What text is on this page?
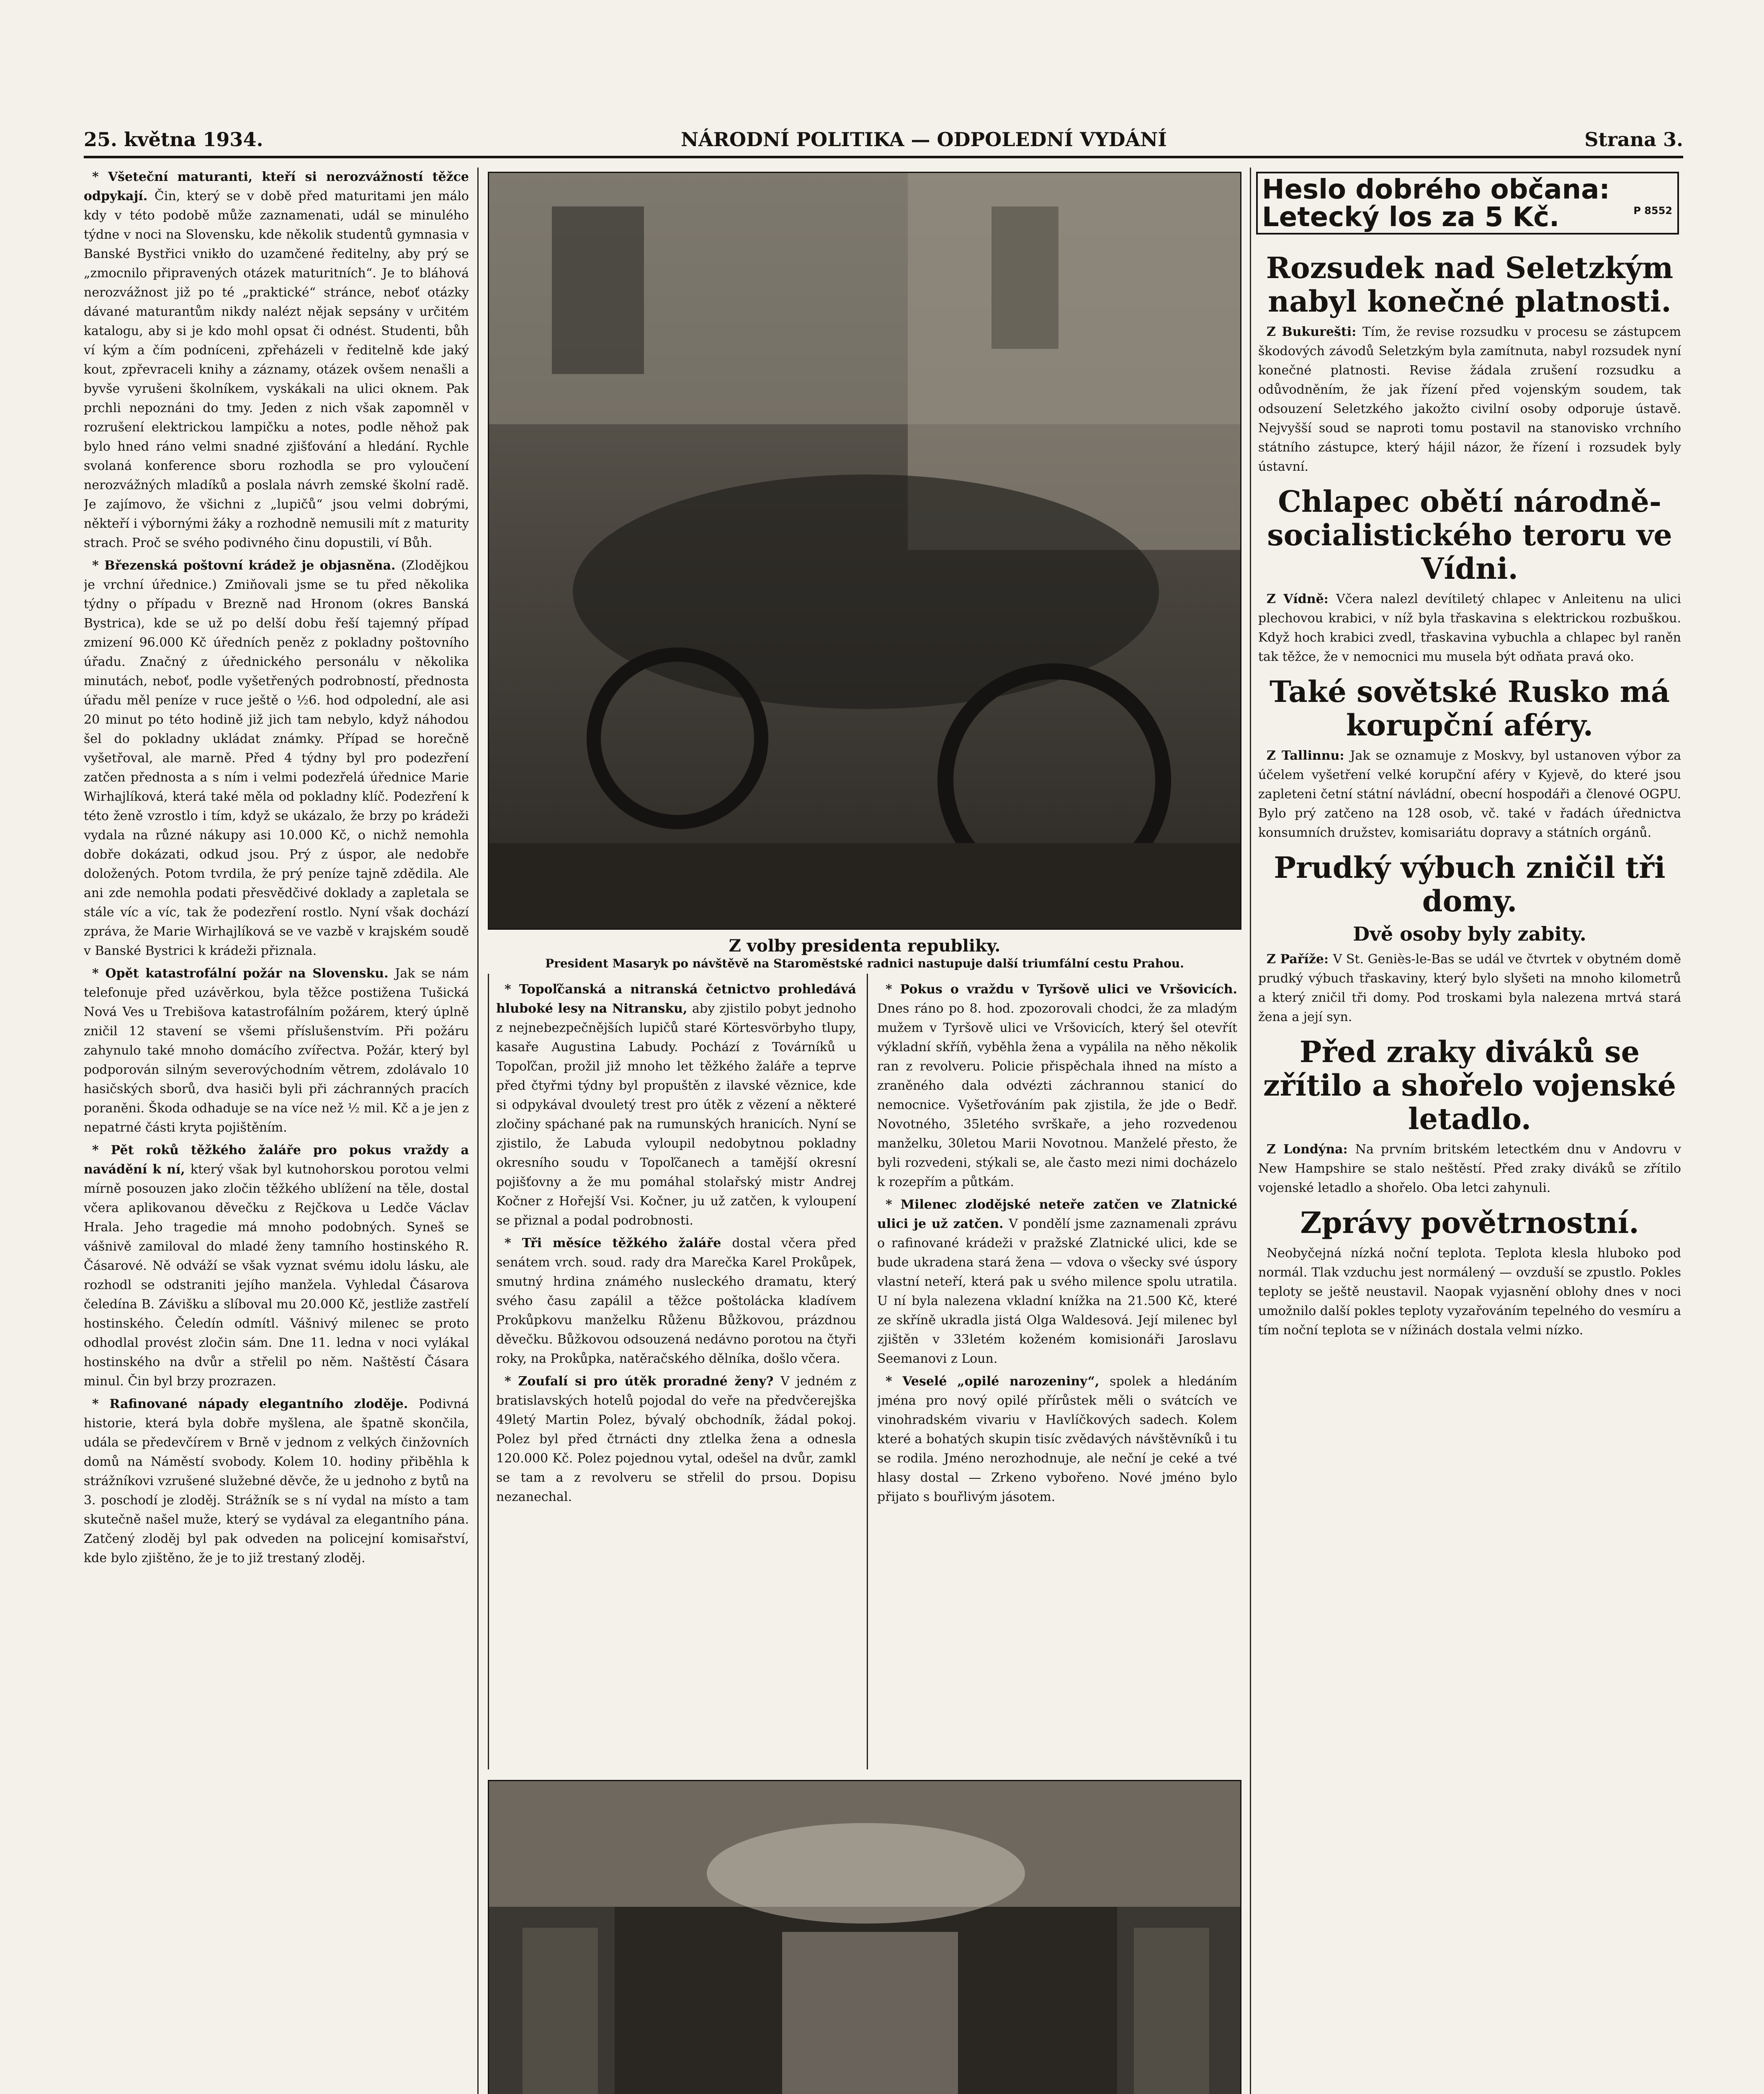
25. května 1934.	NÁRODNÍ POLITIKA — ODPOLEDNÍ VYDÁNÍ	Strana 3.

* Všeteční maturanti, kteří si nerozvážností těžce odpykají. Čin, který se v době před maturitami jen málo kdy v této podobě může zaznamenati, udál se minulého týdne v noci na Slovensku, kde několik studentů gymnasia v Banské Bystřici vnikło do uzamčené ředitelny, aby prý se „zmocnilo připravených otázek maturitních“. Je to bláhová nerozvážnost již po té „praktické“ stránce, neboť otázky dávané maturantům nikdy nalézt nějak sepsány v určitém katalogu, aby si je kdo mohl opsat či odnést. Studenti, bůh ví kým a čím podníceni, zpřeházeli v ředitelně kde jaký kout, zpřevraceli knihy a záznamy, otázek ovšem nenašli a byvše vyrušeni školníkem, vyskákali na ulici oknem. Pak prchli nepoznáni do tmy. Jeden z nich však zapomněl v rozrušení elektrickou lampičku a notes, podle něhož pak bylo hned ráno velmi snadné zjišťování a hledání. Rychle svolaná konference sboru rozhodla se pro vyloučení nerozvážných mladíků a poslala návrh zemské školní radě. Je zajímovo, že všichni z „lupičů“ jsou velmi dobrými, někteří i výbornými žáky a rozhodně nemusili mít z maturity strach. Proč se svého podivného činu dopustili, ví Bůh.

* Březenská poštovní krádež je objasněna. (Zlodějkou je vrchní úřednice.) Zmiňovali jsme se tu před několika týdny o případu v Brezně nad Hronom (okres Banská Bystrica), kde se už po delší dobu řeší tajemný případ zmizení 96.000 Kč úředních peněz z pokladny poštovního úřadu. Značný z úřednického personálu v několika minutách, neboť, podle vyšetřených podrobností, přednosta úřadu měl peníze v ruce ještě o ½6. hod odpolední, ale asi 20 minut po této hodině již jich tam nebylo, když náhodou šel do pokladny ukládat známky. Případ se horečně vyšetřoval, ale marně. Před 4 týdny byl pro podezření zatčen přednosta a s ním i velmi podezřelá úřednice Marie Wirhajlíková, která také měla od pokladny klíč. Podezření k této ženě vzrostlo i tím, když se ukázalo, že brzy po krádeži vydala na různé nákupy asi 10.000 Kč, o nichž nemohla dobře dokázati, odkud jsou. Prý z úspor, ale nedobře doložených. Potom tvrdila, že prý peníze tajně zdědila. Ale ani zde nemohla podati přesvědčivé doklady a zapletala se stále víc a víc, tak že podezření rostlo. Nyní však dochází zpráva, že Marie Wirhajlíková se ve vazbě v krajském soudě v Banské Bystrici k krádeži přiznala.

* Opět katastrofální požár na Slovensku. Jak se nám telefonuje před uzávěrkou, byla těžce postižena Tušická Nová Ves u Trebišova katastrofálním požárem, který úplně zničil 12 stavení se všemi příslušenstvím. Při požáru zahynulo také mnoho domácího zvířectva. Požár, který byl podporován silným severovýchodním větrem, zdolávalo 10 hasičských sborů, dva hasiči byli při záchranných pracích poraněni. Škoda odhaduje se na více než ½ mil. Kč a je jen z nepatrné části kryta pojištěním.

* Pět roků těžkého žaláře pro pokus vraždy a navádění k ní, který však byl kutnohorskou porotou velmi mírně posouzen jako zločin těžkého ublížení na těle, dostal včera aplikovanou děvečku z Rejčkova u Ledče Václav Hrala. Jeho tragedie má mnoho podobných. Syneš se vášnivě zamiloval do mladé ženy tamního hostinského R. Čásarové. Ně odváží se však vyznat svému idolu lásku, ale rozhodl se odstraniti jejího manžela. Vyhledal Čásarova čeledína B. Závišku a slíboval mu 20.000 Kč, jestliže zastřelí hostinského. Čeledín odmítl. Vášnivý milenec se proto odhodlal provést zločin sám. Dne 11. ledna v noci vylákal hostinského na dvůr a střelil po něm. Naštěstí Čásara minul. Čin byl brzy prozrazen.

* Rafinované nápady elegantního zloděje. Podivná historie, která byla dobře myšlena, ale špatně skončila, udála se předevčírem v Brně v jednom z velkých činžovních domů na Náměstí svobody. Kolem 10. hodiny přiběhla k strážníkovi vzrušené služebné děvče, že u jednoho z bytů na 3. poschodí je zloděj. Strážník se s ní vydal na místo a tam skutečně našel muže, který se vydával za elegantního pána. Zatčený zloděj byl pak odveden na policejní komisařství, kde bylo zjištěno, že je to již trestaný zloděj.

Z volby presidenta republiky.
President Masaryk po návštěvě na Staroměstské radnici nastupuje další triumfální cestu Prahou.

* Topoľčanská a nitranská četnictvo prohledává hluboké lesy na Nitransku, aby zjistilo pobyt jednoho z nejnebezpečnějších lupičů staré Körtesvörbyho tlupy, kasaře Augustina Labudy. Pochází z Továrníků u Topoľčan, prožil již mnoho let těžkého žaláře a teprve před čtyřmi týdny byl propuštěn z ilavské věznice, kde si odpykával dvouletý trest pro útěk z vězení a některé zločiny spáchané pak na rumunských hranicích. Nyní se zjistilo, že Labuda vyloupil nedobytnou pokladny okresního soudu v Topoľčanech a tamější okresní pojišťovny a že mu pomáhal stolařský mistr Andrej Kočner z Hořejší Vsi. Kočner, ju už zatčen, k vyloupení se přiznal a podal podrobnosti.

* Tři měsíce těžkého žaláře dostal včera před senátem vrch. soud. rady dra Marečka Karel Prokůpek, smutný hrdina známého nusleckého dramatu, který svého času zapálil a těžce poštolácka kladívem Prokůpkovu manželku Růženu Bůžkovou, prázdnou děvečku. Bůžkovou odsouzená nedávno porotou na čtyři roky, na Prokůpka, natěračského dělníka, došlo včera.

* Zoufalí si pro útěk proradné ženy? V jedném z bratislavských hotelů pojodal do veře na předvčerejška 49letý Martin Polez, bývalý obchodník, žádal pokoj. Polez byl před čtrnácti dny ztlelka žena a odnesla 120.000 Kč. Polez pojednou vytal, odešel na dvůr, zamkl se tam a z revolveru se střelil do prsou. Dopisu nezanechal.

* Pokus o vraždu v Tyršově ulici ve Vršovicích. Dnes ráno po 8. hod. zpozorovali chodci, že za mladým mužem v Tyršově ulici ve Vršovicích, který šel otevřít výkladní skříň, vyběhla žena a vypálila na něho několik ran z revolveru. Policie přispěchala ihned na místo a zraněného dala odvézti záchrannou stanicí do nemocnice. Vyšetřováním pak zjistila, že jde o Bedř. Novotného, 35letého svrškaře, a jeho rozvedenou manželku, 30letou Marii Novotnou. Manželé přesto, že byli rozvedeni, stýkali se, ale často mezi nimi docházelo k rozepřím a půtkám.

* Milenec zlodějské neteře zatčen ve Zlatnické ulici je už zatčen. V pondělí jsme zaznamenali zprávu o rafinované krádeži v pražské Zlatnické ulici, kde se bude ukradena stará žena — vdova o všecky své úspory vlastní neteří, která pak u svého milence spolu utratila. U ní byla nalezena vkladní knížka na 21.500 Kč, které ze skříně ukradla jistá Olga Waldesová. Její milenec byl zjištěn v 33letém koženém komisionáři Jaroslavu Seemanovi z Loun.

* Veselé „opilé narozeniny“, spolek a hledáním jména pro nový opilé přírůstek měli o svátcích ve vinohradském vivariu v Havlíčkových sadech. Kolem které a bohatých skupin tisíc zvědavých návštěvníků i tu se rodila. Jméno nerozhodnuje, ale neční je ceké a tvé hlasy dostal — Zrkeno vybořeno. Nové jméno bylo přijato s bouřlivým jásotem.

Heslo dobrého občana:
Letecký los za 5 Kč.	P 8552
Rozsudek nad Seletzkým nabyl konečné platnosti.

Z Bukurešti: Tím, že revise rozsudku v procesu se zástupcem škodových závodů Seletzkým byla zamítnuta, nabyl rozsudek nyní konečné platnosti. Revise žádala zrušení rozsudku a odůvodněním, že jak řízení před vojenským soudem, tak odsouzení Seletzkého jakožto civilní osoby odporuje ústavě. Nejvyšší soud se naproti tomu postavil na stanovisko vrchního státního zástupce, který hájil názor, že řízení i rozsudek byly ústavní.

Chlapec obětí národně-socialistického teroru ve Vídni.

Z Vídně: Včera nalezl devítiletý chlapec v Anleitenu na ulici plechovou krabici, v níž byla třaskavina s elektrickou rozbuškou. Když hoch krabici zvedl, třaskavina vybuchla a chlapec byl raněn tak těžce, že v nemocnici mu musela být odňata pravá oko.

Také sovětské Rusko má korupční aféry.

Z Tallinnu: Jak se oznamuje z Moskvy, byl ustanoven výbor za účelem vyšetření velké korupční aféry v Kyjevě, do které jsou zapleteni četní státní návládní, obecní hospodáři a členové OGPU. Bylo prý zatčeno na 128 osob, vč. také v řadách úřednictva konsumních družstev, komisariátu dopravy a státních orgánů.

Prudký výbuch zničil tři domy.
Dvě osoby byly zabity.

Z Paříže: V St. Geniès-le-Bas se udál ve čtvrtek v obytném domě prudký výbuch třaskaviny, který bylo slyšeti na mnoho kilometrů a který zničil tři domy. Pod troskami byla nalezena mrtvá stará žena a její syn.

Před zraky diváků se zřítilo a shořelo vojenské letadlo.

Z Londýna: Na prvním britském letectkém dnu v Andovru v New Hampshire se stalo neštěstí. Před zraky diváků se zřítilo vojenské letadlo a shořelo. Oba letci zahynuli.

Zprávy povětrnostní.

Neobyčejná nízká noční teplota. Teplota klesla hluboko pod normál. Tlak vzduchu jest normálený — ovzduší se zpustlo. Pokles teploty se ještě neustavil. Naopak vyjasnění oblohy dnes v noci umožnilo další pokles teploty vyzařováním tepelného do vesmíru a tím noční teplota se v nížinách dostala velmi nízko.
